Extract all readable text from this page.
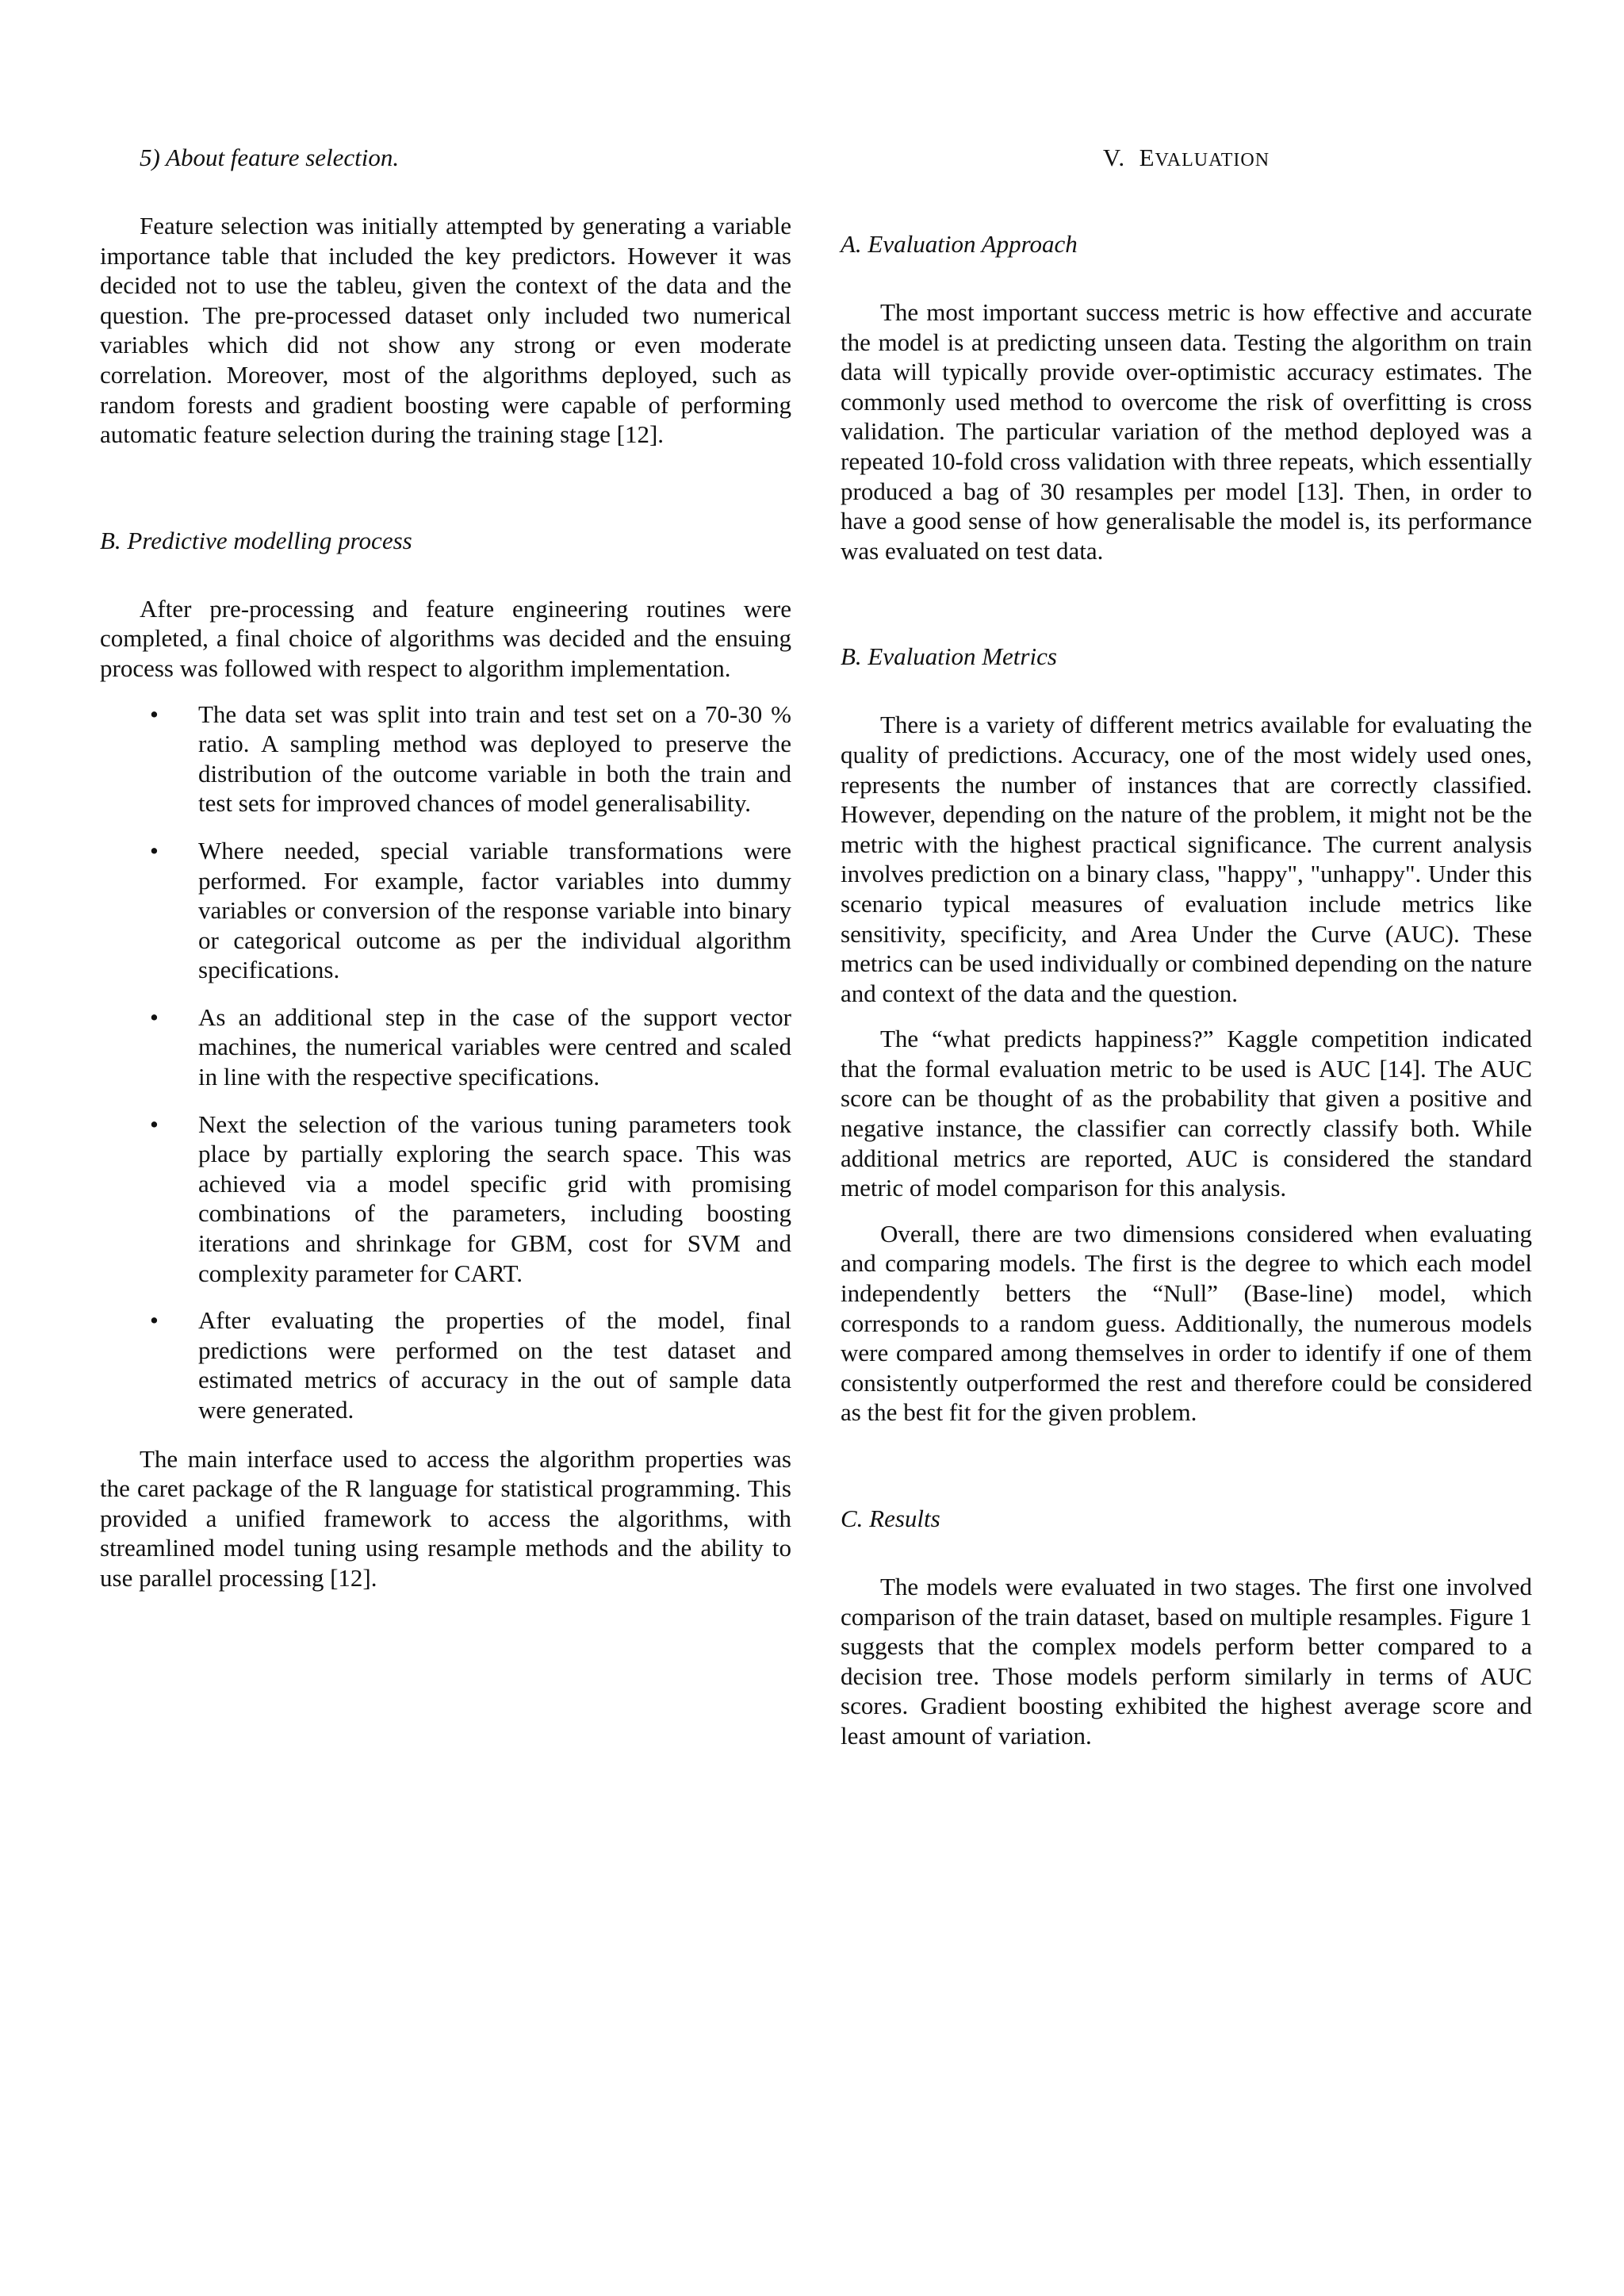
5) About feature selection.

Feature selection was initially attempted by generating a variable importance table that included the key predictors. However it was decided not to use the tableu, given the context of the data and the question. The pre-processed dataset only included two numerical variables which did not show any strong or even moderate correlation. Moreover, most of the algorithms deployed, such as random forests and gradient boosting were capable of performing automatic feature selection during the training stage [12].

B. Predictive modelling process

After pre-processing and feature engineering routines were completed, a final choice of algorithms was decided and the ensuing process was followed with respect to algorithm implementation.

• The data set was split into train and test set on a 70-30 % ratio. A sampling method was deployed to preserve the distribution of the outcome variable in both the train and test sets for improved chances of model generalisability.
• Where needed, special variable transformations were performed. For example, factor variables into dummy variables or conversion of the response variable into binary or categorical outcome as per the individual algorithm specifications.
• As an additional step in the case of the support vector machines, the numerical variables were centred and scaled in line with the respective specifications.
• Next the selection of the various tuning parameters took place by partially exploring the search space. This was achieved via a model specific grid with promising combinations of the parameters, including boosting iterations and shrinkage for GBM, cost for SVM and complexity parameter for CART.
• After evaluating the properties of the model, final predictions were performed on the test dataset and estimated metrics of accuracy in the out of sample data were generated.

The main interface used to access the algorithm properties was the caret package of the R language for statistical programming. This provided a unified framework to access the algorithms, with streamlined model tuning using resample methods and the ability to use parallel processing [12].

V. EVALUATION

A. Evaluation Approach

The most important success metric is how effective and accurate the model is at predicting unseen data. Testing the algorithm on train data will typically provide over-optimistic accuracy estimates. The commonly used method to overcome the risk of overfitting is cross validation. The particular variation of the method deployed was a repeated 10-fold cross validation with three repeats, which essentially produced a bag of 30 resamples per model [13]. Then, in order to have a good sense of how generalisable the model is, its performance was evaluated on test data.

B. Evaluation Metrics

There is a variety of different metrics available for evaluating the quality of predictions. Accuracy, one of the most widely used ones, represents the number of instances that are correctly classified. However, depending on the nature of the problem, it might not be the metric with the highest practical significance. The current analysis involves prediction on a binary class, "happy", "unhappy". Under this scenario typical measures of evaluation include metrics like sensitivity, specificity, and Area Under the Curve (AUC). These metrics can be used individually or combined depending on the nature and context of the data and the question.

The “what predicts happiness?” Kaggle competition indicated that the formal evaluation metric to be used is AUC [14]. The AUC score can be thought of as the probability that given a positive and negative instance, the classifier can correctly classify both. While additional metrics are reported, AUC is considered the standard metric of model comparison for this analysis.

Overall, there are two dimensions considered when evaluating and comparing models. The first is the degree to which each model independently betters the “Null” (Base-line) model, which corresponds to a random guess. Additionally, the numerous models were compared among themselves in order to identify if one of them consistently outperformed the rest and therefore could be considered as the best fit for the given problem.

C. Results

The models were evaluated in two stages. The first one involved comparison of the train dataset, based on multiple resamples. Figure 1 suggests that the complex models perform better compared to a decision tree. Those models perform similarly in terms of AUC scores. Gradient boosting exhibited the highest average score and least amount of variation.
